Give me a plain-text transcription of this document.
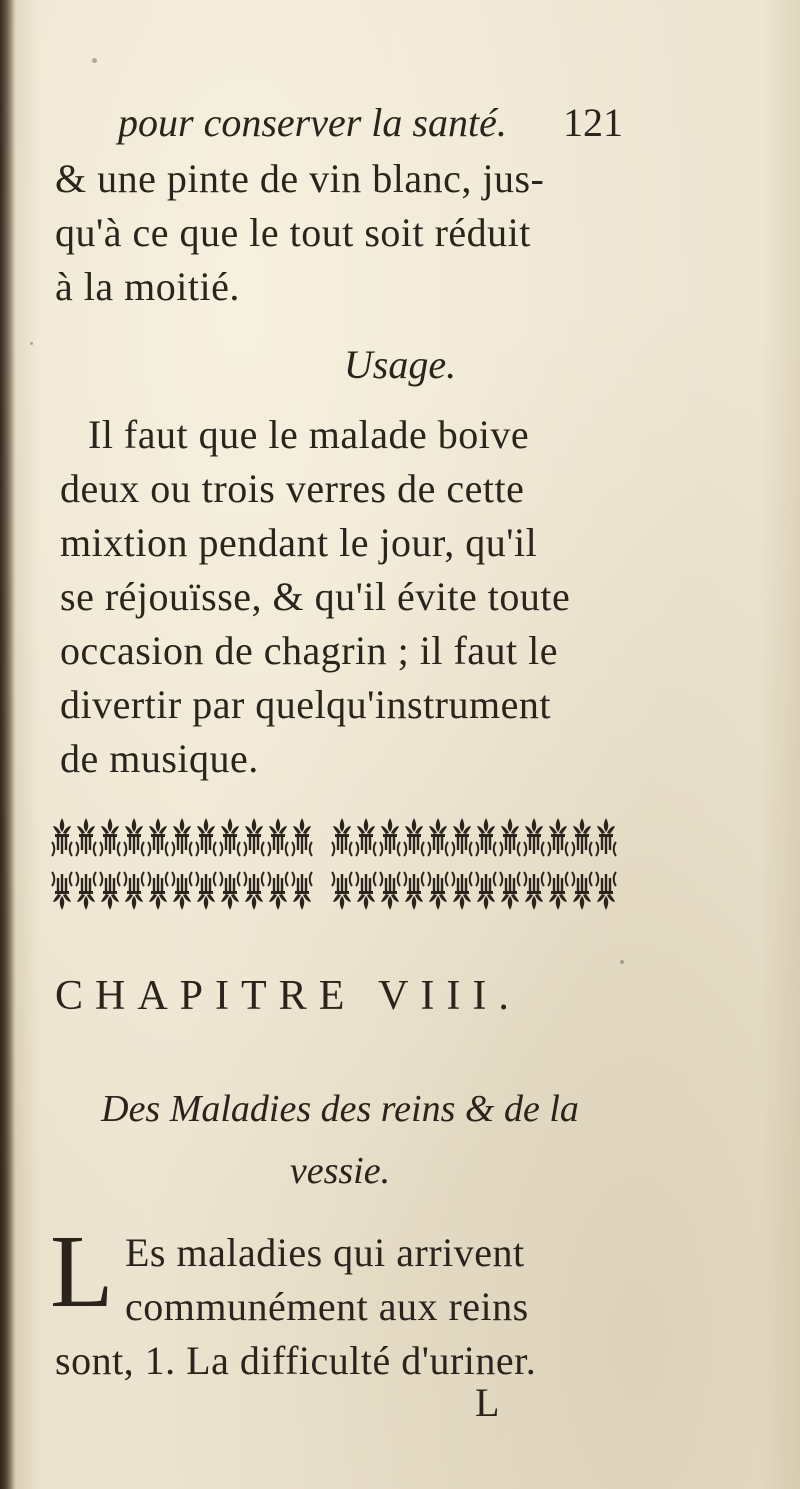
pour conserver la santé. 121
& une pinte de vin blanc, jus-
qu'à ce que le tout soit réduit
à la moitié.
Usage.
Il faut que le malade boive
deux ou trois verres de cette
mixtion pendant le jour, qu'il
se réjouïsse, & qu'il évite toute
occasion de chagrin ; il faut le
divertir par quelqu'instrument
de musique.
CHAPITRE VIII.
Des Maladies des reins & de la
vessie.
L Es maladies qui arrivent
communément aux reins
sont, 1. La difficulté d'uriner.
L
